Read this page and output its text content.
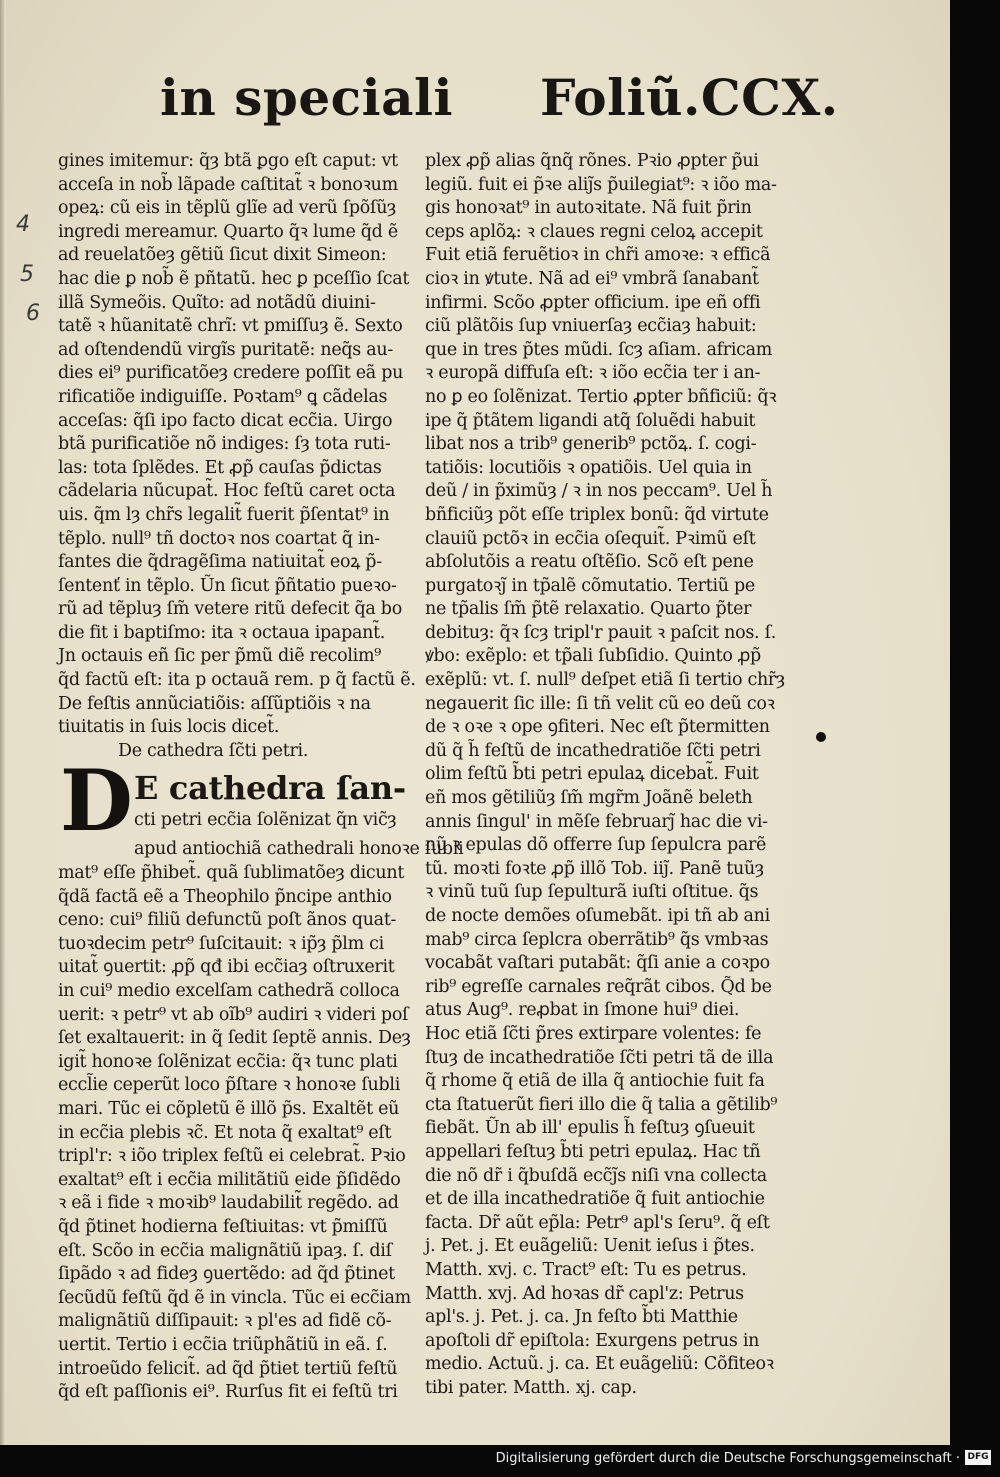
in speciali Foliũ.CCX.
4
5
6
gines imitemur: q̃ȝ btã ꝑgo eſt caput: vt
acceſa in nob̃ lãpade caſtitat̃ ꝛ bonoꝛum
opeꝝ: cũ eis in tẽplũ glĩe ad verũ ſpõſũȝ
ingredi mereamur. Quarto q̃ꝛ lume q̃d ẽ
ad reuelatõeȝ gẽtiũ ſicut dixit Simeon:
hac die ꝑ nob̃ ẽ pñtatũ. hec ꝑ pceſſio ſcat
illã Symeõis. Quĩto: ad notãdũ diuini-
tatẽ ꝛ hũanitatẽ chrĩ: vt pmiſſuȝ ẽ. Sexto
ad oſtendendũ virgĩs puritatẽ: neq̃s au-
dies ei⁹ purificatõeȝ credere poſſit eã pu
rificatiõe indiguiſſe. Poꝛtam⁹ ꝗ cãdelas
acceſas: q̃ſi ipo facto dicat ecc̃ia. Uirgo
btã purificatiõe nõ indiges: ſȝ tota ruti-
las: tota ſplẽdes. Et ꝓp̃ cauſas p̃dictas
cãdelaria nũcupat̃. Hoc feſtũ caret octa
uis. q̃m lȝ chr̃s legalit̃ fuerit p̃ſentat⁹ in
tẽplo. null⁹ tñ doctoꝛ nos coartat q̃ in-
fantes die q̃dragẽſima natiuitat̃ eoꝝ p̃-
ſentenť in tẽplo. Ũn ſicut p̃ñtatio pueꝛo-
rũ ad tẽpluȝ ſm̃ vetere ritũ defecit q̃a bo
die fit i baptiſmo: ita ꝛ octaua ipapant̃.
Jn octauis eñ ſic per p̃mũ diẽ recolim⁹
q̃d factũ eſt: ita p octauã rem. p q̃ factũ ẽ.
De feſtis annũciatiõis: aſſũptiõis ꝛ na
tiuitatis in ſuis locis dicet̃.
De cathedra ſc̃ti petri.
D E cathedra ſan-
cti petri ecc̃ia ſolẽnizat q̃n vic̃ȝ
apud antiochiã cathedrali honoꝛe ſubli
mat⁹ eſſe p̃hibet̃. quã ſublimatõeȝ dicunt
q̃dã factã eẽ a Theophilo p̃ncipe anthio
ceno: cui⁹ filiũ defunctũ poſt ãnos quat-
tuoꝛdecim petr⁹ ſuſcitauit: ꝛ ip̃ȝ p̃lm ci
uitat̃ ꝯuertit: ꝓp̃ qđ ibi ecc̃iaȝ oſtruxerit
in cui⁹ medio excelſam cathedrã colloca
uerit: ꝛ petr⁹ vt ab oĩb⁹ audiri ꝛ videri poſ
ſet exaltauerit: in q̃ ſedit ſeptẽ annis. Deȝ
igit̃ honoꝛe ſolẽnizat ecc̃ia: q̃ꝛ tunc plati
eccl̃ie ceperũt loco p̃ſtare ꝛ honoꝛe ſubli
mari. Tũc ei cõpletũ ẽ illõ p̃s. Exaltẽt eũ
in ecc̃ia plebis ꝛc̃. Et nota q̃ exaltat⁹ eſt
tripl'r: ꝛ iõo triplex feſtũ ei celebrat̃. Pꝛio
exaltat⁹ eſt i ecc̃ia militãtiũ eide p̃ſidẽdo
ꝛ eã i fide ꝛ moꝛib⁹ laudabilit̃ regẽdo. ad
q̃d p̃tinet hodierna feſtiuitas: vt p̃miſſũ
eſt. Scõo in ecc̃ia malignãtiũ ipaȝ. ſ. diſ
ſipãdo ꝛ ad fideȝ ꝯuertẽdo: ad q̃d p̃tinet
ſecũdũ feſtũ q̃d ẽ in vincla. Tũc ei ecc̃iam
malignãtiũ diſſipauit: ꝛ pl'es ad fidẽ cõ-
uertit. Tertio i ecc̃ia triũphãtiũ in eã. ſ.
introeũdo felicit̃. ad q̃d p̃tiet tertiũ feſtũ
q̃d eſt paſſionis ei⁹. Rurſus fit ei feſtũ tri
plex ꝓp̃ alias q̃nq̃ rõnes. Pꝛio ꝓpter p̃ui
legiũ. fuit ei p̃ꝛe aliȷ̃s p̃uilegiat⁹: ꝛ iõo ma-
gis honoꝛat⁹ in autoꝛitate. Nã fuit p̃rin
ceps aplõꝝ: ꝛ claues regni celoꝝ accepit
Fuit etiã feruẽtioꝛ in chr̃i amoꝛe: ꝛ efficã
cioꝛ in ꝟtute. Nã ad ei⁹ vmbrã ſanabant̃
infirmi. Scõo ꝓpter officium. ipe eñ offi
ciũ plãtõis ſup vniuerſaȝ ecc̃iaȝ habuit:
que in tres p̃tes mũdi. ſcȝ aſiam. africam
ꝛ europã diffuſa eſt: ꝛ iõo ecc̃ia ter i an-
no ꝑ eo ſolẽnizat. Tertio ꝓpter bñficiũ: q̃ꝛ
ipe q̃ p̃tãtem ligandi atq̃ ſoluẽdi habuit
libat nos a trib⁹ generib⁹ pctõꝝ. ſ. cogi-
tatiõis: locutiõis ꝛ opatiõis. Uel quia in
deũ / in p̃ximũȝ / ꝛ in nos peccam⁹. Uel h̃
bñficiũȝ põt eſſe triplex bonũ: q̃d virtute
clauiũ pctõꝛ in ecc̃ia oſequit̃. Pꝛimũ eſt
abſolutõis a reatu oſtẽſio. Scõ eſt pene
purgatoꝛȷ̃ in tp̃alẽ cõmutatio. Tertiũ pe
ne tp̃alis ſm̃ p̃tẽ relaxatio. Quarto p̃ter
debituȝ: q̃ꝛ ſcȝ tripl'r pauit ꝛ paſcit nos. ſ.
ꝟbo: exẽplo: et tp̃ali ſubſidio. Quinto ꝓp̃
exẽplũ: vt. ſ. null⁹ deſpet etiã ſi tertio chr̃ȝ
negauerit ſic ille: ſi tñ velit cũ eo deũ coꝛ
de ꝛ oꝛe ꝛ ope ꝯfiteri. Nec eſt p̃termitten
dũ q̃ h̃ feſtũ de incathedratiõe ſc̃ti petri
olim feſtũ b̃ti petri epulaꝝ dicebat̃. Fuit
eñ mos gẽtiliũȝ ſm̃ mgr̃m Joãnẽ beleth
annis ſingul' in mẽſe februarȷ̃ hac die vi-
nũ ꝛ epulas dõ offerre ſup ſepulcra parẽ
tũ. moꝛti foꝛte ꝓp̃ illõ Tob. iiȷ̃. Panẽ tuũȝ
ꝛ vinũ tuũ ſup ſepulturã iuſti oſtitue. q̃s
de nocte demões oſumebãt. ipi tñ ab ani
mab⁹ circa ſeplcra oberrãtib⁹ q̃s vmbꝛas
vocabãt vaſtari putabãt: q̃ſi anie a coꝛpo
rib⁹ egreſſe carnales req̃rãt cibos. Q̃d be
atus Aug⁹. reꝓbat in ſmone hui⁹ diei.
Hoc etiã ſc̃ti p̃res extirpare volentes: fe
ſtuȝ de incathedratiõe ſc̃ti petri tã de illa
q̃ rhome q̃ etiã de illa q̃ antiochie fuit fa
cta ſtatuerũt fieri illo die q̃ talia a gẽtilib⁹
fiebãt. Ũn ab ill' epulis h̃ feſtuȝ ꝯſueuit
appellari feſtuȝ b̃ti petri epulaꝝ. Hac tñ
die nõ dr̃ i q̃buſdã ecc̃ȷ̃s niſi vna collecta
et de illa incathedratiõe q̃ fuit antiochie
facta. Dr̃ aũt ep̃la: Petr⁹ apl's ſeru⁹. q̃ eſt
j. Pet. j. Et euãgeliũ: Uenit ieſus i p̃tes.
Matth. xvj. c. Tract⁹ eſt: Tu es petrus.
Matth. xvj. Ad hoꝛas dr̃ capl'z: Petrus
apl's. j. Pet. j. ca. Jn feſto b̃ti Matthie
apoſtoli dr̃ epiſtola: Exurgens petrus in
medio. Actuũ. j. ca. Et euãgeliũ: Cõfiteoꝛ
tibi pater. Matth. xj. cap.
Digitalisierung gefördert durch die Deutsche Forschungsgemeinschaft · DFG
